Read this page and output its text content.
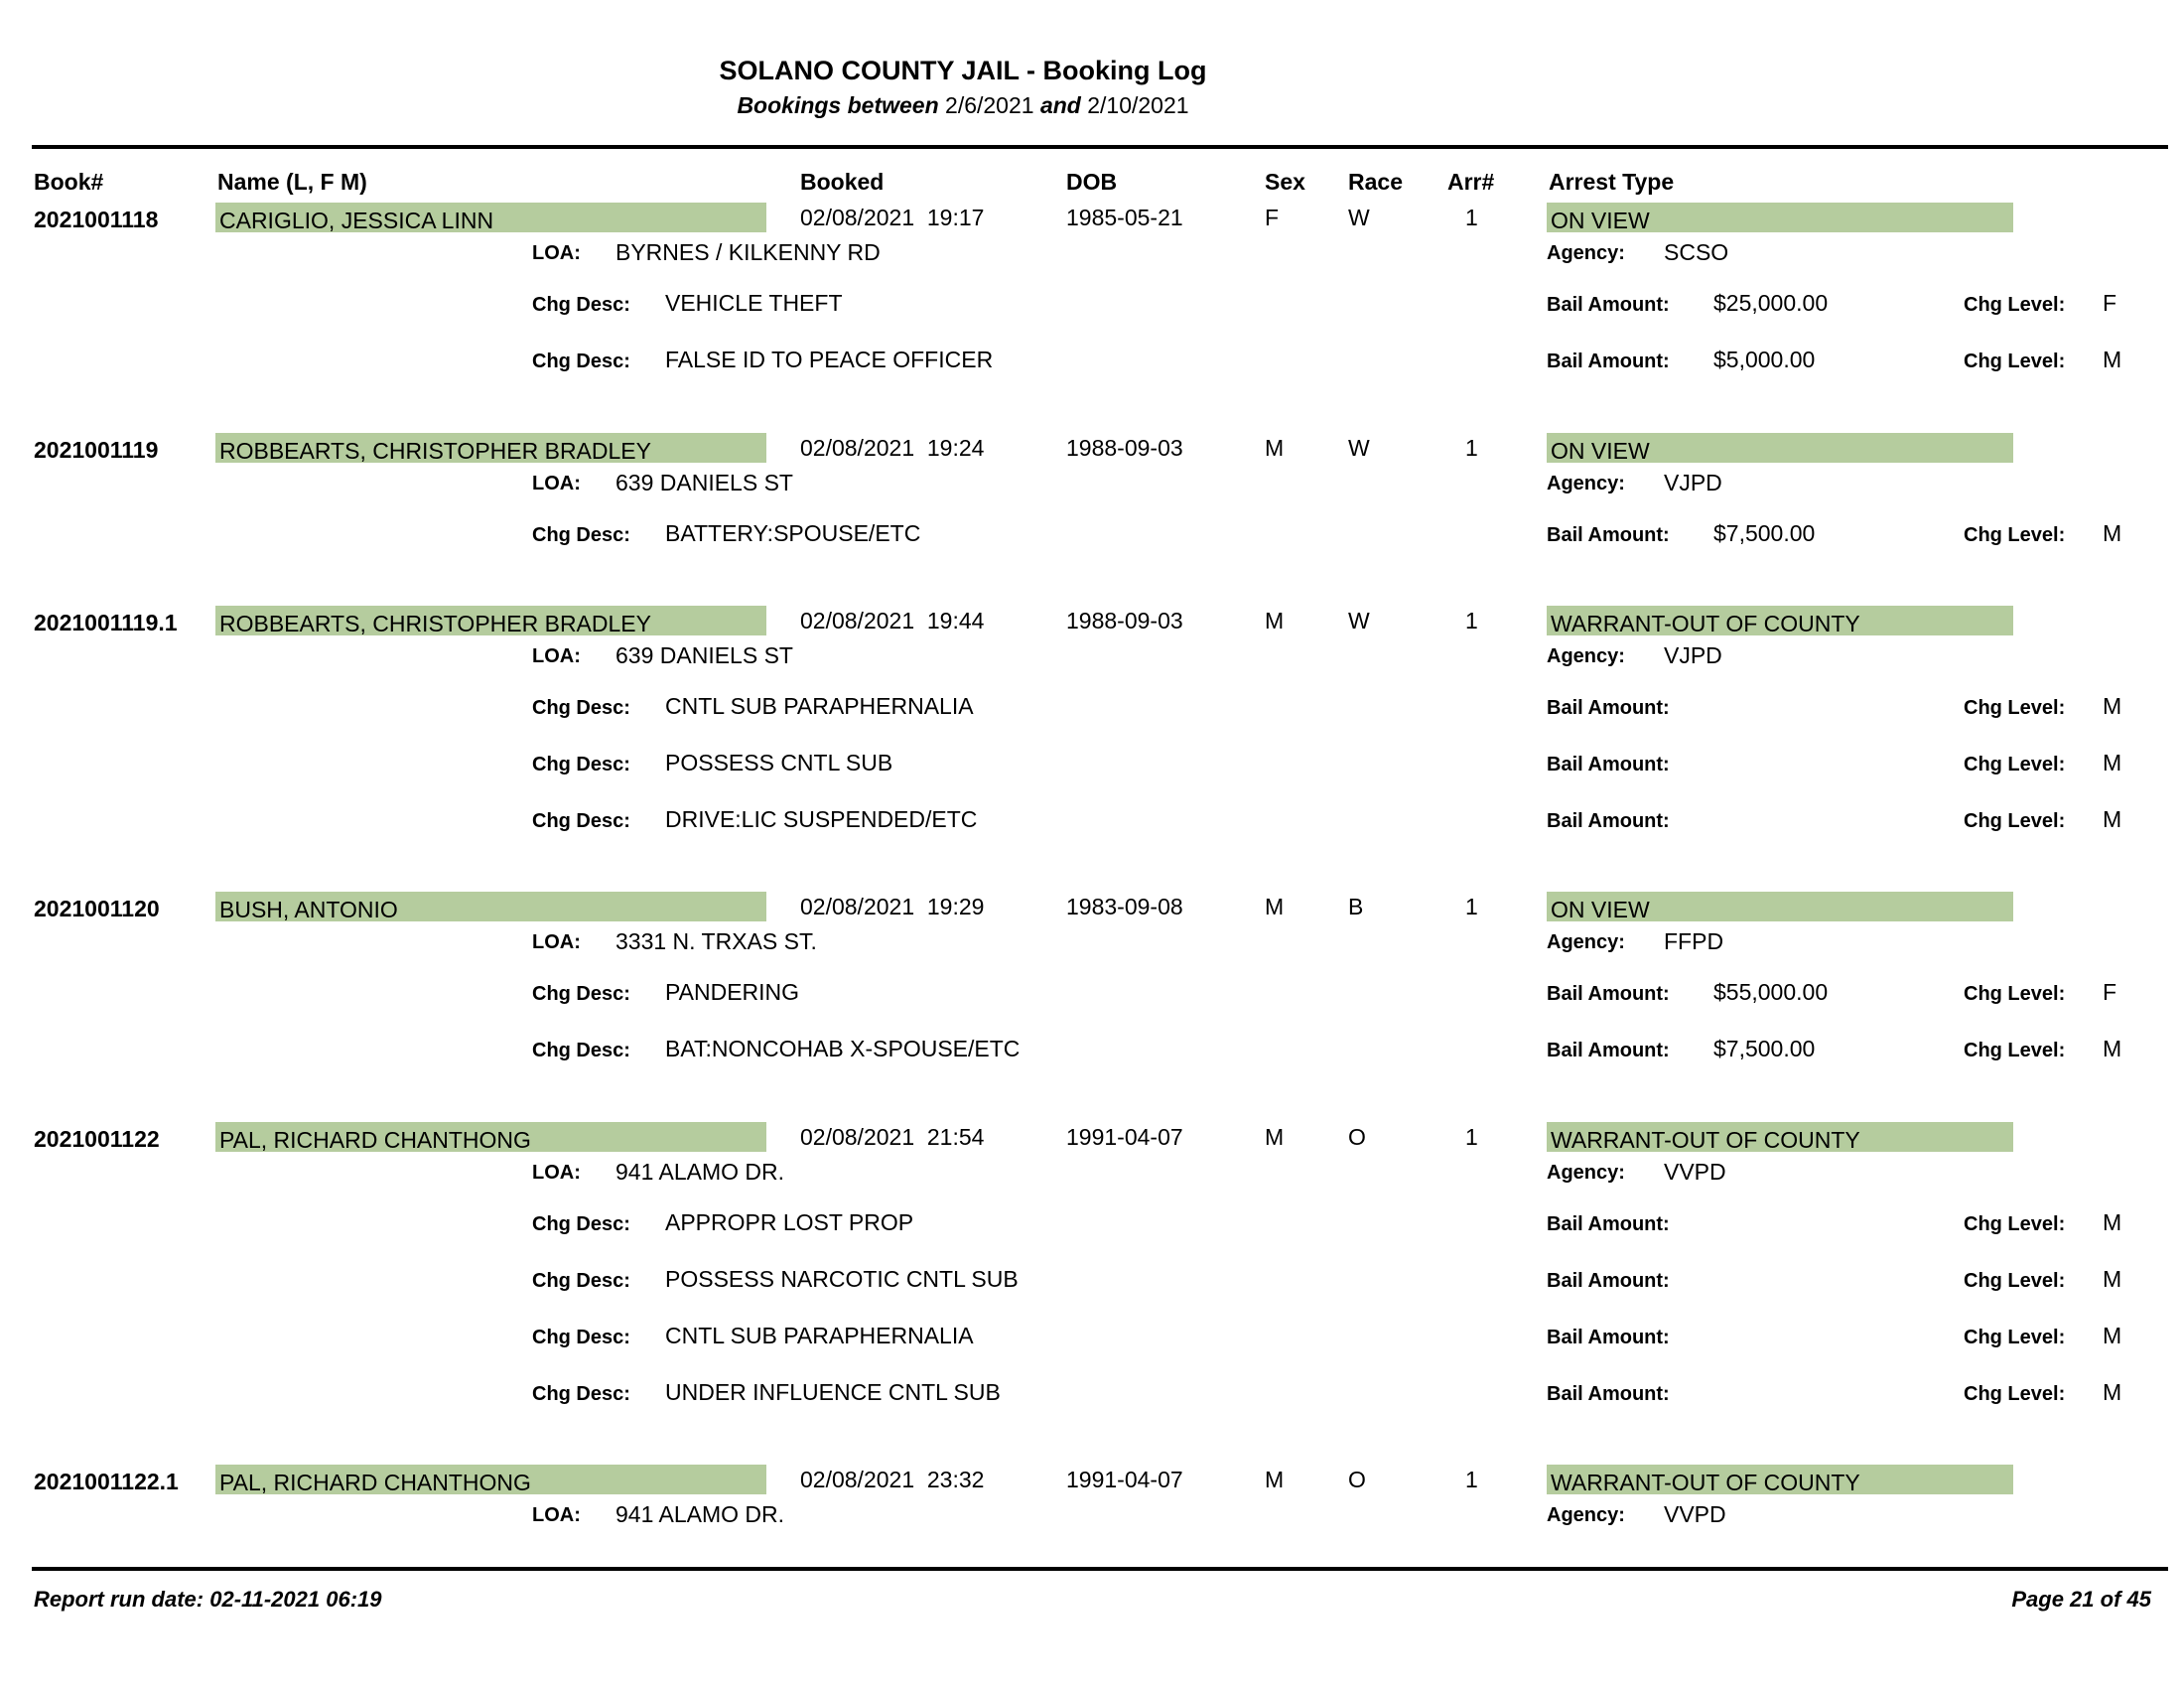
SOLANO COUNTY JAIL - Booking Log
Bookings between 2/6/2021 and 2/10/2021
Book#	Name (L, F M)	Booked	DOB	Sex Race Arr# Arrest Type
2021001118	CARIGLIO, JESSICA LINN	02/08/2021  19:17	1985-05-21	F	W	1	ON VIEW
LOA: BYRNES / KILKENNY RD	Agency: SCSO
Chg Desc: VEHICLE THEFT	Bail Amount: $25,000.00	Chg Level: F
Chg Desc: FALSE ID TO PEACE OFFICER	Bail Amount: $5,000.00	Chg Level: M
2021001119	ROBBEARTS, CHRISTOPHER BRADLEY	02/08/2021  19:24	1988-09-03	M	W	1	ON VIEW
LOA: 639 DANIELS ST	Agency: VJPD
Chg Desc: BATTERY:SPOUSE/ETC	Bail Amount: $7,500.00	Chg Level: M
2021001119.1 ROBBEARTS, CHRISTOPHER BRADLEY	02/08/2021  19:44	1988-09-03	M	W	1	WARRANT-OUT OF COUNTY
LOA: 639 DANIELS ST	Agency: VJPD
Chg Desc: CNTL SUB PARAPHERNALIA	Bail Amount:	Chg Level: M
Chg Desc: POSSESS CNTL SUB	Bail Amount:	Chg Level: M
Chg Desc: DRIVE:LIC SUSPENDED/ETC	Bail Amount:	Chg Level: M
2021001120	BUSH, ANTONIO	02/08/2021  19:29	1983-09-08	M	B	1	ON VIEW
LOA: 3331 N. TRXAS ST.	Agency: FFPD
Chg Desc: PANDERING	Bail Amount: $55,000.00	Chg Level: F
Chg Desc: BAT:NONCOHAB X-SPOUSE/ETC	Bail Amount: $7,500.00	Chg Level: M
2021001122	PAL, RICHARD CHANTHONG	02/08/2021  21:54	1991-04-07	M	O	1	WARRANT-OUT OF COUNTY
LOA: 941 ALAMO DR.	Agency: VVPD
Chg Desc: APPROPR LOST PROP	Bail Amount:	Chg Level: M
Chg Desc: POSSESS NARCOTIC CNTL SUB	Bail Amount:	Chg Level: M
Chg Desc: CNTL SUB PARAPHERNALIA	Bail Amount:	Chg Level: M
Chg Desc: UNDER INFLUENCE CNTL SUB	Bail Amount:	Chg Level: M
2021001122.1 PAL, RICHARD CHANTHONG	02/08/2021  23:32	1991-04-07	M	O	1	WARRANT-OUT OF COUNTY
LOA: 941 ALAMO DR.	Agency: VVPD
Report run date: 02-11-2021 06:19	Page 21 of 45
